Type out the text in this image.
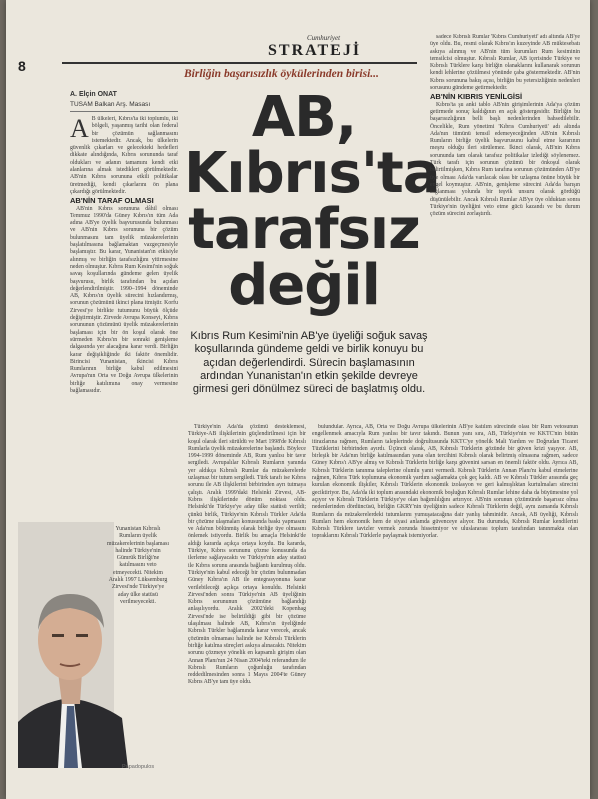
8
Cumhuriyet
STRATEJİ
Birliğin başarısızlık öykülerinden birisi...
A. Elçin ONAT
TUSAM Balkan Arş. Masası	AB,
Kıbrıs'ta
tarafsız
değil
Kıbrıs Rum Kesimi'nin AB'ye üyeliği soğuk savaş koşullarında gündeme geldi ve birlik konuyu bu açıdan değerlendirdi. Sürecin başlamasının ardından Yunanistan'ın etkin şekilde devreye girmesi geri dönülmez süreci de başlatmış oldu.

A B ülkeleri, Kıbrıs'ta iki toplumlu, iki bölgeli, yaşanmış tarihi olan federal bir çözümün sağlanmasını istemektedir. Ancak, bu ülkelerin güvenlik çıkarları ve gelecekteki hedefleri dikkate alındığında, Kıbrıs sorununda taraf oldukları ve adanın tamamını kendi etki alanlarına almak istedikleri görülmektedir. AB'nin Kıbrıs sorununa etkili politikalar üretmediği, kendi çıkarlarını ön plana çıkardığı görülmektedir.

AB'NİN TARAF OLMASI

AB'nin Kıbrıs sorununa dâhil olması Temmuz 1990'da Güney Kıbrıs'ın tüm Ada adına AB'ye üyelik başvurusunda bulunması ve AB'nin Kıbrıs sorununa bir çözüm bulunmasını tam üyelik müzakerelerinin başlatılmasına bağlamaktan vazgeçmesiyle başlamıştır. Bu karar, Yunanistan'ın etkisiyle alınmış ve birliğin tarafsızlığını yitirmesine neden olmuştur. Kıbrıs Rum Kesimi'nin soğuk savaş koşullarında gündeme gelen üyelik başvurusu, birlik tarafından bu açıdan değerlendirilmiştir. 1990–1994 döneminde AB, Kıbrıs'ın üyelik sürecini hızlandırmış, sorunun çözümünü ikinci plana itmiştir. Korfu Zirvesi'ye birlikte tutumunu büyük ölçüde değiştirmiştir. Zirvede Avrupa Konseyi, Kıbrıs sorununun çözümünü üyelik müzakerelerinin başlaması için bir ön koşul olarak öne sürmeden Kıbrıs'ın bir sonraki genişleme dalgasında yer alacağına karar verdi. Birliğin karar değişikliğinde iki faktör önemlidir. Birincisi Yunanistan, ikincisi Kıbrıs Rumlarının birliğe kabul edilmesini Avrupa'nın Orta ve Doğu Avrupa ülkelerinin birliğe katılımına onay vermesine bağlamasıdır.

Yunanistan Kıbrıslı Rumların üyelik müzakerelerinin başlaması halinde Türkiye'nin Gümrük Birliği'ne katılmasını veto etmeyecekti. Nitekim Aralık 1997 Lüksemburg Zirvesi'nde Türkiye'ye aday ülke statüsü verilmeyecekti.
Papadopulos

Türkiye'nin Ada'da çözümü desteklemesi, Türkiye-AB ilişkilerinin güçlendirilmesi için bir koşul olarak ileri sürüldü ve Mart 1998'de Kıbrıslı Rumlarla üyelik müzakerelerine başlandı. Böylece 1994-1999 döneminde AB, Rum yanlısı bir tavır sergiledi. Avrupalılar Kıbrıslı Rumların yanında yer aldıkça Kıbrıslı Rumlar da müzakerelerde uzlaşmaz bir tutum sergiledi. Türk tarafı ise Kıbrıs sorunu ile AB ilişkilerini birbirinden ayrı tutmaya çalıştı. Aralık 1999'daki Helsinki Zirvesi, AB-Kıbrıs ilişkilerinde dönüm noktası oldu. Helsinki'de Türkiye'ye aday ülke statüsü verildi; çünkü birlik, Türkiye'nin Kıbrıslı Türkler Ada'da bir çözüme ulaşmaları konusunda baskı yapmasını ve Ada'nın bölünmüş olarak birliğe üye olmasını önlemek istiyordu. Birlik bu amaçla Helsinki'de aldığı kararda açıkça ortaya koydu. Bu kararda, Türkiye, Kıbrıs sorununu çözme konusunda da ilerleme sağlayacaktı ve Türkiye'nin aday statüsü ile Kıbrıs sorunu arasında bağlantı kurulmuş oldu. Türkiye'nin kabul edeceği bir çözüm bulunmadan Güney Kıbrıs'ın AB ile entegrasyonuna karar verilebileceği açıkça ortaya konuldu. Helsinki Zirvesi'nden sonra Türkiye'nin AB üyeliğinin Kıbrıs sorununun çözümüne bağlandığı anlaşılıyordu. Aralık 2002'deki Kopenhag Zirvesi'nde ise belirtildiği gibi bir çözüme ulaşılması halinde AB, Kıbrıs'ın üyeliğinde Kıbrıslı Türkler bağlamında karar verecek, ancak çözümün olmaması halinde ise Kıbrıslı Türklerin birliğe katılma süreçleri askıya alınacaktı. Nitekim sorunu çözmeye yönelik en kapsamlı girişim olan Annan Planı'nın 24 Nisan 2004'teki referandum ile Kıbrıslı Rumların çoğunluğu tarafından reddedilmesinden sonra 1 Mayıs 2004'te Güney Kıbrıs AB'ye tam üye oldu.

sadece Kıbrıslı Rumlar 'Kıbrıs Cumhuriyeti' adı altında AB'ye üye oldu. Bu, resmi olarak Kıbrıs'ın kuzeyinde AB müktesebatı askıya alınmış ve AB'nin tüm kurumları Rum kesiminin temsilcisi olmuştur. Kıbrıslı Rumlar, AB içerisinde Türkiye ve Kıbrıslı Türklere karşı birliğin olanaklarını kullanarak sorunun kendi lehlerine çözülmesi yönünde çaba göstermektedir. AB'nin Kıbrıs sorununa bakış açısı, birliğin bu yetersizliğinin nedenleri sorusunu gündeme getirmektedir.

AB'NİN KIBRIS YENİLGİSİ

Kıbrıs'ta şu anki tablo AB'nin girişimlerinin Ada'ya çözüm getirmede sonuç kaldığının en açık göstergesidir. Birliğin bu başarısızlığının belli başlı nedenlerinden bahsedilebilir. Öncelikle, Rum yönetimi 'Kıbrıs Cumhuriyeti' adı altında Ada'nın tümünü temsil edemeyeceğinden AB'nin Kıbrıslı Rumların birliğe üyelik başvurusunu kabul etme kararının meşru olduğu ileri sürülemez. İkinci olarak, AB'nin Kıbrıs sorununda tam olarak tarafsız politikalar izlediği söylenemez. Türk tarafı için sorunun çözümü bir önkoşul olarak belirtilmişken, Kıbrıs Rum tarafına sorunun çözümünden AB'ye üye olması Ada'da varılacak olası bir uzlaşma önüne büyük bir engel koymuştur. AB'nin, genişleme sürecini Ada'da barışın sağlanması yolunda bir teşvik unsuru olarak gördüğü düşünülebilir. Ancak Kıbrıslı Rumlar AB'ye üye olduktan sonra Türkiye'nin üyeliğini veto etme gücü kazandı ve bu durum çözüm sürecini zorlaştırdı.

bulundular. Ayrıca, AB, Orta ve Doğu Avrupa ülkelerinin AB'ye katılım sürecinde olası bir Rum vetosunun engellenmek amacıyla Rum yanlısı bir tavır takındı. Bunun yanı sıra, AB, Türkiye'nin ve KKTC'nin bütün itirazlarına rağmen, Rumların taleplerinde doğrultusunda KKTC'ye yönelik Mali Yardım ve Doğrudan Ticaret Tüzüklerini birbirinden ayırdı. Üçüncü olarak, AB, Kıbrıslı Türklerin gözünde bir güven krizi yaşıyor. AB, birleşik bir Ada'nın birliğe katılmasından yana olan tercihini Kıbrıslı olarak belirtmiş olmasına rağmen, sadece Güney Kıbrıs'ı AB'ye almış ve Kıbrıslı Türklerin birliğe karşı güvenini sarsan en önemli faktör oldu. Ayrıca AB, Kıbrıslı Türklerin tanınma taleplerine olumlu yanıt vermedi. Kıbrıslı Türklerin Annan Planı'nı kabul etmelerine rağmen, Kıbrıs Türk toplumuna ekonomik yardım sağlamakta çok geç kaldı. AB ve Kıbrıslı Türkler arasında geç kurulan ekonomik ilişkiler, Kıbrıslı Türklerin ekonomik izolasyon ve geri kalmışlıktan kurtulmaları sürecini geciktiriyor. Bu, Ada'da iki toplum arasındaki ekonomik boşluğun Kıbrıslı Rumlar lehine daha da büyümesine yol açıyor ve Kıbrıslı Türklerin Türkiye'ye olan bağımlılığını artırıyor. AB'nin sorunun çözümünde başarısız olma nedenlerinden dördüncüsü, birliğin GKRY'nin üyeliğinin sadece Kıbrıslı Türklerin değil, aynı zamanda Kıbrıslı Rumların da müzakerelerdeki tutumlarını yumuşatacağına dair yanlış tahminidir. Ancak, AB üyeliği, Kıbrıslı Rumları hem ekonomik hem de siyasi anlamda güvenceye alıyor. Bu durumda, Kıbrıslı Rumlar kendilerini Kıbrıslı Türklere tavizler vermek zorunda hissetmiyor ve uluslararası toplum tarafından tanınmakta olan topraklarını Kıbrıslı Türklerle paylaşmak istemiyorlar.
